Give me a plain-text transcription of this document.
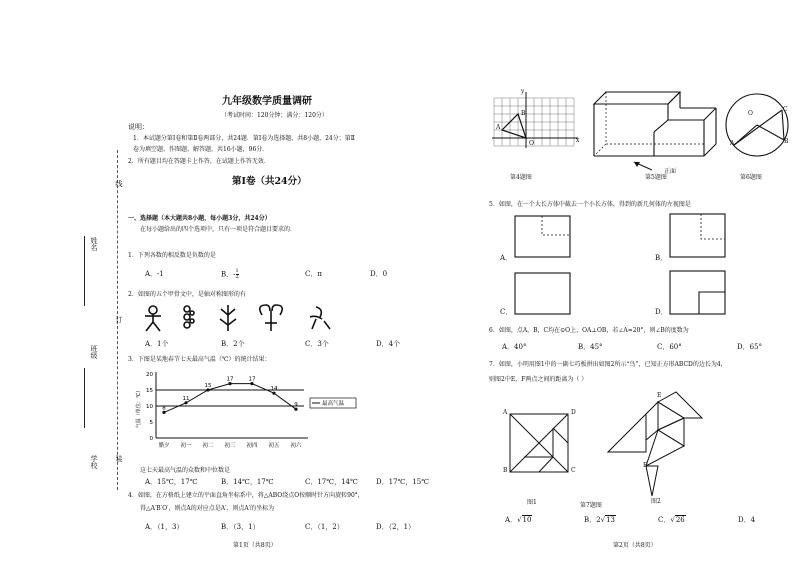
姓名
班级
学校
线
订
装
九年级数学质量调研
（考试时间：120分钟；满分：120分）
说明：
1．本试题分第Ⅰ卷和第Ⅱ卷两部分，共24题．第Ⅰ卷为选择题，共8小题，24分；第Ⅱ
卷为填空题、作图题、解答题，共16小题，96分．
2．所有题目均在答题卡上作答，在试题上作答无效．
第Ⅰ卷（共24分）
一、选择题（本大题共8小题，每小题3分，共24分）
在每小题给出的四个选项中，只有一项是符合题目要求的．
1．下列各数的相反数是负数的是
A．-1	B．- $\frac{1}{2}$	C．π	D．0
2．如图的五个甲骨文中，是轴对称图形的有
A．1个	B．2个	C．3个	D．4个
3．下图是某地春节七天最高气温（℃）的统计结果：
0
5
10
15
20
气温（单位：℃）
腊夕 初一 初二 初三 初四 初五 初六
8
11
15
17	17
14
9	最高气温
这七天最高气温的众数和中位数是
A．15℃，17℃	B．14℃，17℃	C．17℃，14℃	D．17℃，15℃
4．如图，在方格纸上建立的平面直角坐标系中，将△ABO绕点O按顺时针方向旋转90°，
得△A′B′O′，则点A的对应点是A′，则点A′的坐标为
A．（1，3）	B．（3，1）	C．（1，2）	D．（2，1）
第1页（共8页）
y
x
O
A
B
第4题图
正面
第5题图
O
A	B
C
第6题图
5．如图，在一个大长方体中截去一个小长方体，得到的新几何体的左视图是
A．	B．
C．	D．
6．如图，点A，B，C均在⊙O上，OA⊥OB，若∠A=20°，则∠B的度数为
A．40°	B．45°	C．60°	D．65°
7．如图，小明用图1中的一副七巧板拼出如图2所示“鸟”，已知正方形ABCD的边长为4，
则图2中E，F两点之间的距离为（ ）
A
B	C
D
图1
E
F
图2
第7题图
A．√10	B．2√13	C．√26	D．4
第2页（共8页）
